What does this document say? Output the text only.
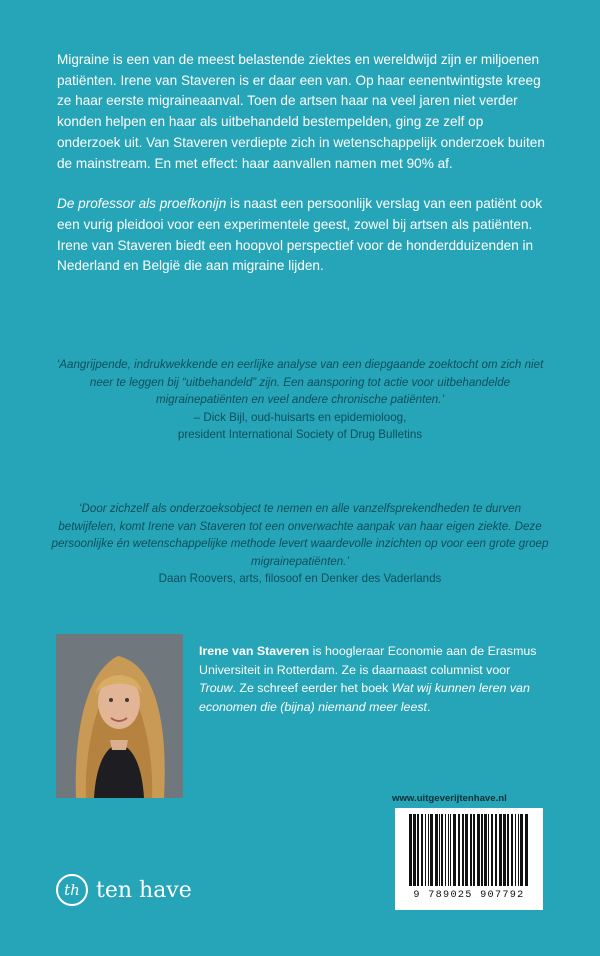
Migraine is een van de meest belastende ziektes en wereldwijd zijn er miljoenen patiënten. Irene van Staveren is er daar een van. Op haar eenentwintigste kreeg ze haar eerste migraineaanval. Toen de artsen haar na veel jaren niet verder konden helpen en haar als uitbehandeld bestempelden, ging ze zelf op onderzoek uit. Van Staveren verdiepte zich in wetenschappelijk onderzoek buiten de mainstream. En met effect: haar aanvallen namen met 90% af.

De professor als proefkonijn is naast een persoonlijk verslag van een patiënt ook een vurig pleidooi voor een experimentele geest, zowel bij artsen als patiënten. Irene van Staveren biedt een hoopvol perspectief voor de honderdduizenden in Nederland en België die aan migraine lijden.

‘Aangrijpende, indrukwekkende en eerlijke analyse van een diepgaande zoektocht om zich niet neer te leggen bij “uitbehandeld” zijn. Een aansporing tot actie voor uitbehandelde migrainepatiënten en veel andere chronische patiënten.’
– Dick Bijl, oud-huisarts en epidemioloog,
president International Society of Drug Bulletins
‘Door zichzelf als onderzoeksobject te nemen en alle vanzelfsprekendheden te durven betwijfelen, komt Irene van Staveren tot een onverwachte aanpak van haar eigen ziekte. Deze persoonlijke én wetenschappelijke methode levert waardevolle inzichten op voor een grote groep migrainepatiënten.’
Daan Roovers, arts, filosoof en Denker des Vaderlands
Irene van Staveren is hoogleraar Economie aan de Erasmus Universiteit in Rotterdam. Ze is daarnaast columnist voor Trouw. Ze schreef eerder het boek Wat wij kunnen leren van economen die (bijna) niemand meer leest.
www.uitgeverijtenhave.nl
9 789025 907792
th ten have
